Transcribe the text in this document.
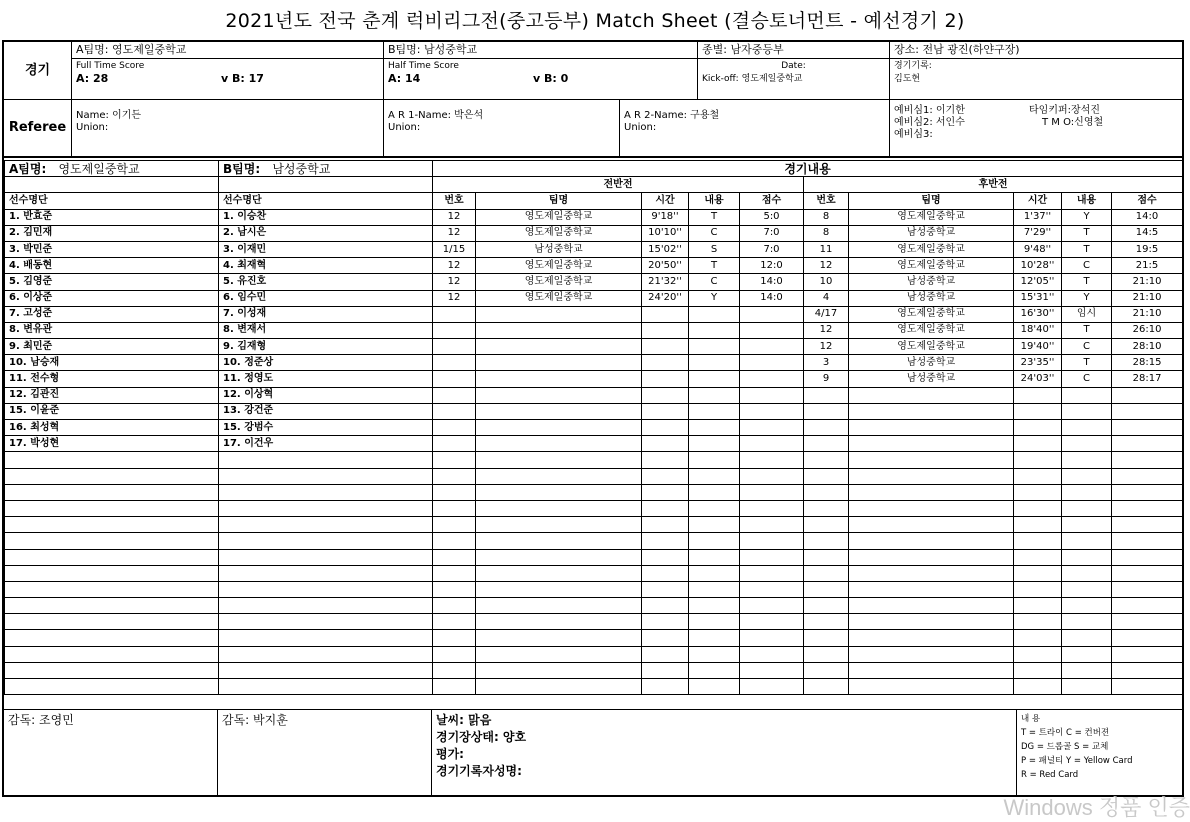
2021년도 전국 춘계 럭비리그전(중고등부) Match Sheet (결승토너먼트 - 예선경기 2)
경기
A팀명: 영도제일중학교
Full Time Score
A: 28	v B: 17
B팀명: 남성중학교
Half Time Score
A: 14	v B: 0
종별: 남자중등부
Date:
Kick-off: 영도제일중학교
장소: 전남 광진(하얀구장)
경기기록:
김도현
Referee
Name: 이기든
Union:
A R 1-Name: 박은석
Union:
A R 2-Name: 구용철
Union:
예비심1: 이기한	타임키퍼:장석진
예비심2: 서인수	T M O:신영철
예비심3:
A팀명: 영도제일중학교	B팀명: 남성중학교	경기내용									
		전반전					후반전				
선수명단	선수명단	번호	팀명	시간	내용	점수	번호	팀명	시간	내용	점수
1. 반효준	1. 이승찬	12	영도제일중학교	9'18''	T	5:0	8	영도제일중학교	1'37''	Y	14:0
2. 김민재	2. 남시은	12	영도제일중학교	10'10''	C	7:0	8	남성중학교	7'29''	T	14:5
3. 박민준	3. 이재민	1/15	남성중학교	15'02''	S	7:0	11	영도제일중학교	9'48''	T	19:5
4. 배동현	4. 최재혁	12	영도제일중학교	20'50''	T	12:0	12	영도제일중학교	10'28''	C	21:5
5. 김영준	5. 유진호	12	영도제일중학교	21'32''	C	14:0	10	남성중학교	12'05''	T	21:10
6. 이상준	6. 임수민	12	영도제일중학교	24'20''	Y	14:0	4	남성중학교	15'31''	Y	21:10
7. 고성준	7. 이성재						4/17	영도제일중학교	16'30''	임시	21:10
8. 변유관	8. 변재서						12	영도제일중학교	18'40''	T	26:10
9. 최민준	9. 김재형						12	영도제일중학교	19'40''	C	28:10
10. 남승재	10. 정준상						3	남성중학교	23'35''	T	28:15
11. 전수형	11. 정영도						9	남성중학교	24'03''	C	28:17
12. 김관진	12. 이상혁										
15. 이윤준	13. 강건준										
16. 최성혁	15. 강범수										
17. 박성현	17. 이건우										

감독: 조영민	감독: 박지훈	날씨: 맑음
경기장상태: 양호
평가:
경기기록자성명:
내 용
T = 트라이 C = 컨버젼
DG = 드롭골 S = 교체
P = 패널티 Y = Yellow Card
R = Red Card
Windows 정품 인증
